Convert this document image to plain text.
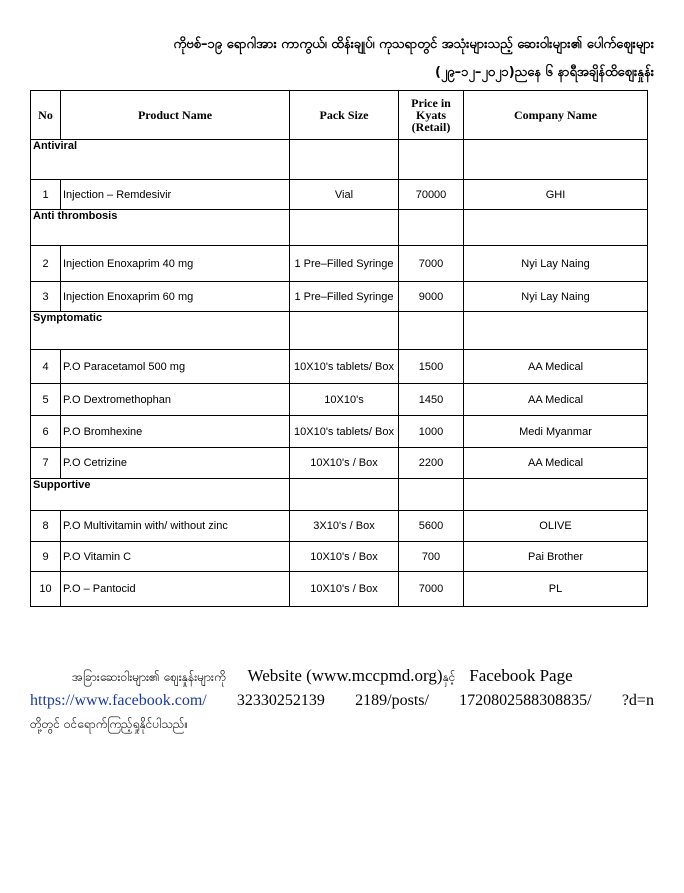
ကိုဗစ်–၁၉ ရောဂါအား ကာကွယ်၊ ထိန်းချုပ်၊ ကုသရာတွင် အသုံးများသည့် ဆေးဝါးများ၏ ပေါက်စျေးများ
(၂၉–၁၂–၂၀၂၁)ညနေ ၆ နာရီအချိန်ထိစျေးနှုန်း
No	Product Name	Pack Size	Price in Kyats (Retail)	Company Name
Antiviral				
1	Injection – Remdesivir	Vial	70000	GHI
Anti thrombosis				
2	Injection Enoxaprim 40 mg	1 Pre–Filled Syringe	7000	Nyi Lay Naing
3	Injection Enoxaprim 60 mg	1 Pre–Filled Syringe	9000	Nyi Lay Naing
Symptomatic				
4	P.O Paracetamol 500 mg	10X10's tablets/ Box	1500	AA Medical
5	P.O Dextromethophan	10X10's	1450	AA Medical
6	P.O Bromhexine	10X10's tablets/ Box	1000	Medi Myanmar
7	P.O Cetrizine	10X10's / Box	2200	AA Medical
Supportive				
8	P.O Multivitamin with/ without zinc	3X10's / Box	5600	OLIVE
9	P.O Vitamin C	10X10's / Box	700	Pai Brother
10	P.O – Pantocid	10X10's / Box	7000	PL
အခြားဆေးဝါးများ၏ စျေးနှုန်းများကို Website (www.mccpmd.org)နှင့် Facebook Page
https://www.facebook.com/ 32330252139 2189/posts/ 1720802588308835/ ?d=n
တို့တွင် ဝင်ရောက်ကြည့်ရှုနိုင်ပါသည်။
